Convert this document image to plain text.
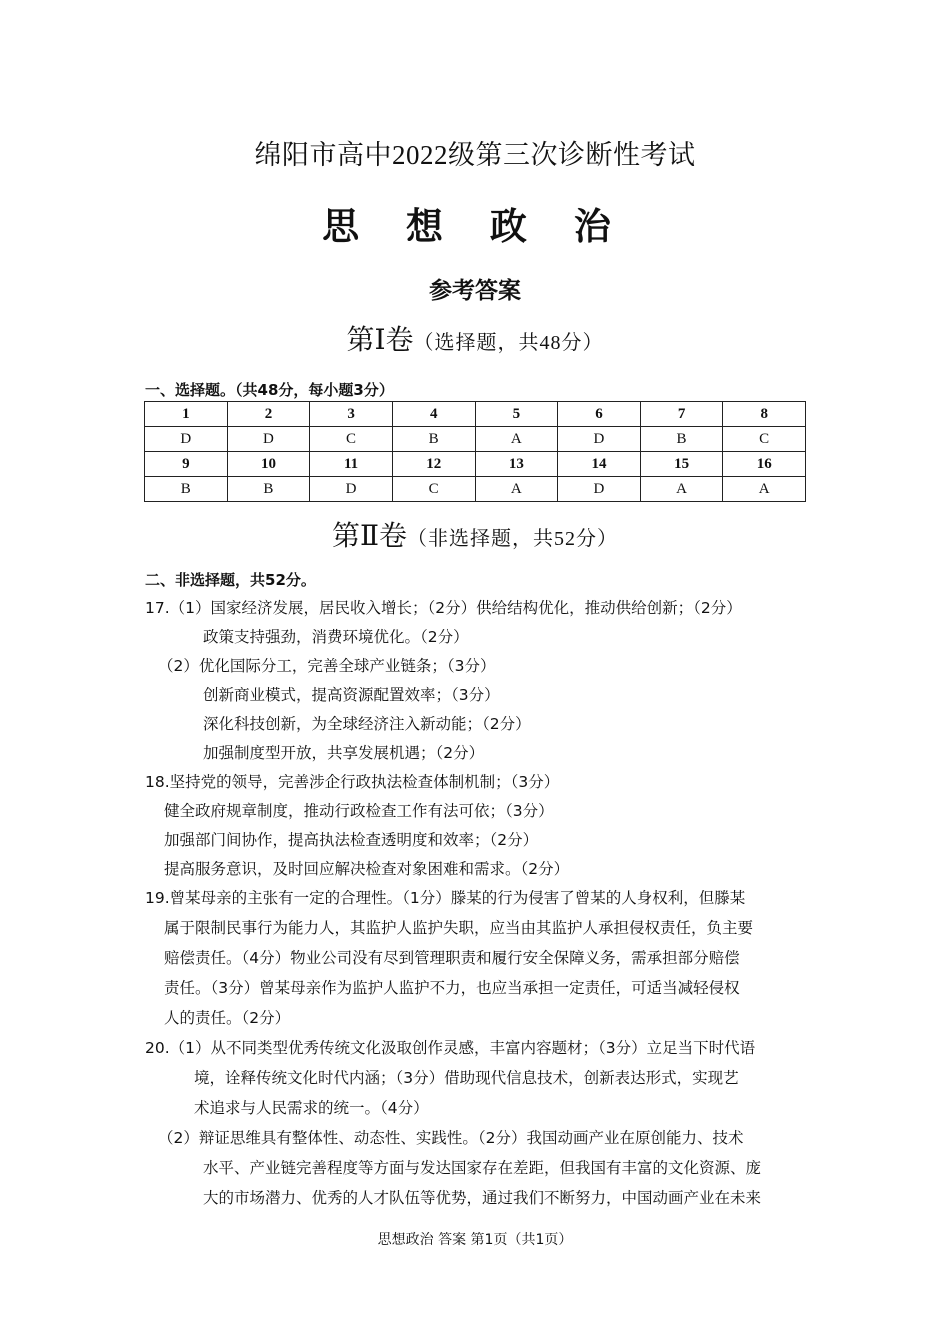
绵阳市高中2022级第三次诊断性考试
思 想 政 治
参考答案
第Ⅰ卷（选择题，共48分）
一、选择题。（共48分，每小题3分）
1	2	3	4	5	6	7	8
D	D	C	B	A	D	B	C
9	10	11	12	13	14	15	16
B	B	D	C	A	D	A	A
第Ⅱ卷（非选择题，共52分）
二、非选择题，共52分。
17.（1）国家经济发展，居民收入增长；（2分）供给结构优化，推动供给创新；（2分）
政策支持强劲，消费环境优化。（2分）
（2）优化国际分工，完善全球产业链条；（3分）
创新商业模式，提高资源配置效率；（3分）
深化科技创新，为全球经济注入新动能；（2分）
加强制度型开放，共享发展机遇；（2分）
18.坚持党的领导，完善涉企行政执法检查体制机制；（3分）
健全政府规章制度，推动行政检查工作有法可依；（3分）
加强部门间协作，提高执法检查透明度和效率；（2分）
提高服务意识，及时回应解决检查对象困难和需求。（2分）
19.曾某母亲的主张有一定的合理性。（1分）滕某的行为侵害了曾某的人身权利，但滕某
属于限制民事行为能力人，其监护人监护失职，应当由其监护人承担侵权责任，负主要
赔偿责任。（4分）物业公司没有尽到管理职责和履行安全保障义务，需承担部分赔偿
责任。（3分）曾某母亲作为监护人监护不力，也应当承担一定责任，可适当减轻侵权
人的责任。（2分）
20.（1）从不同类型优秀传统文化汲取创作灵感，丰富内容题材；（3分）立足当下时代语
境，诠释传统文化时代内涵；（3分）借助现代信息技术，创新表达形式，实现艺
术追求与人民需求的统一。（4分）
（2）辩证思维具有整体性、动态性、实践性。（2分）我国动画产业在原创能力、技术
水平、产业链完善程度等方面与发达国家存在差距，但我国有丰富的文化资源、庞
大的市场潜力、优秀的人才队伍等优势，通过我们不断努力，中国动画产业在未来
思想政治 答案 第1页（共1页）
